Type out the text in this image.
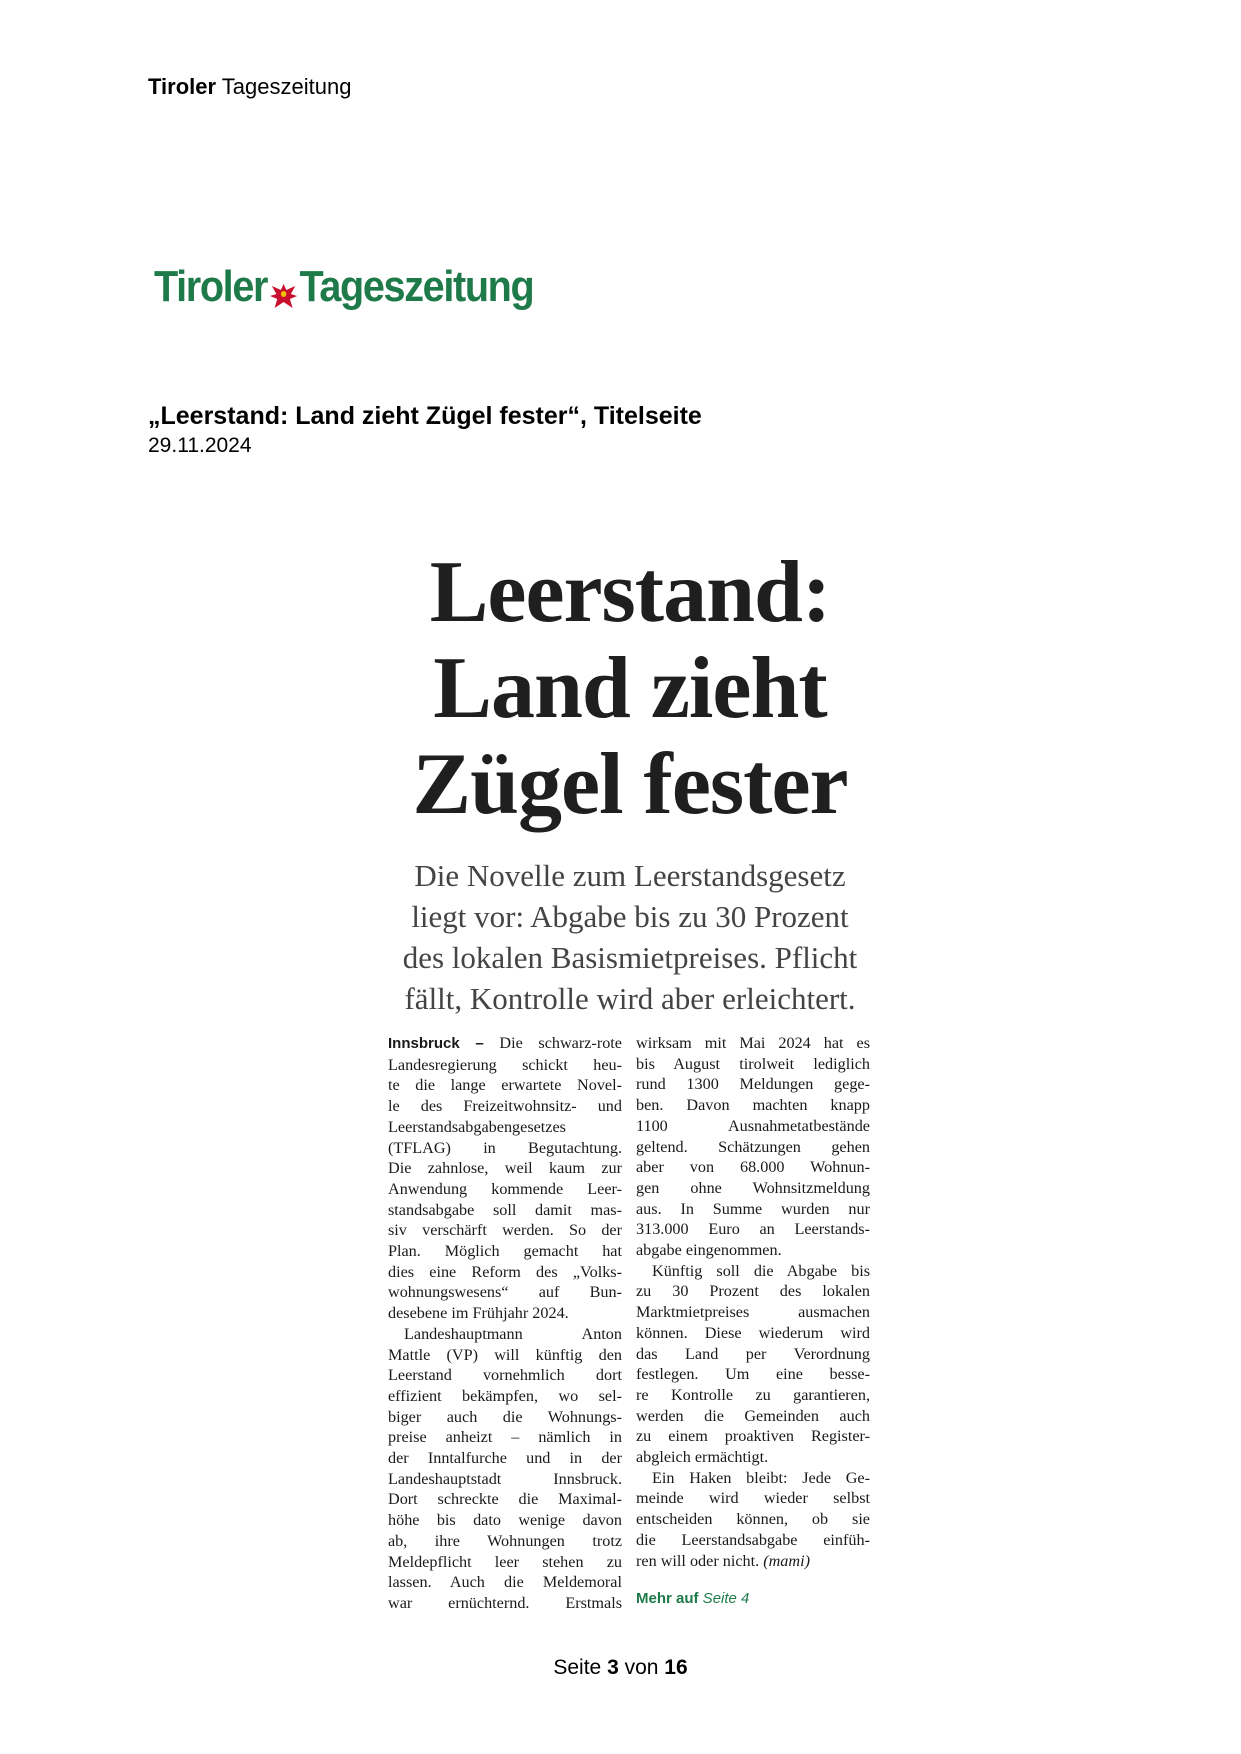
Tiroler Tageszeitung
Tiroler Tageszeitung
„Leerstand: Land zieht Zügel fester“, Titelseite
29.11.2024
Leerstand:
Land zieht
Zügel fester
Die Novelle zum Leerstandsgesetz
liegt vor: Abgabe bis zu 30 Prozent
des lokalen Basismietpreises. Pflicht
fällt, Kontrolle wird aber erleichtert.
Innsbruck – Die schwarz-rote
Landesregierung schickt heu-
te die lange erwartete Novel-
le des Freizeitwohnsitz- und
Leerstandsabgabengesetzes
(TFLAG) in Begutachtung.
Die zahnlose, weil kaum zur
Anwendung kommende Leer-
standsabgabe soll damit mas-
siv verschärft werden. So der
Plan. Möglich gemacht hat
dies eine Reform des „Volks-
wohnungswesens“ auf Bun-
desebene im Frühjahr 2024.
Landeshauptmann Anton
Mattle (VP) will künftig den
Leerstand vornehmlich dort
effizient bekämpfen, wo sel-
biger auch die Wohnungs-
preise anheizt – nämlich in
der Inntalfurche und in der
Landeshauptstadt Innsbruck.
Dort schreckte die Maximal-
höhe bis dato wenige davon
ab, ihre Wohnungen trotz
Meldepflicht leer stehen zu
lassen. Auch die Meldemoral
war ernüchternd. Erstmals
wirksam mit Mai 2024 hat es
bis August tirolweit lediglich
rund 1300 Meldungen gege-
ben. Davon machten knapp
1100 Ausnahmetatbestände
geltend. Schätzungen gehen
aber von 68.000 Wohnun-
gen ohne Wohnsitzmeldung
aus. In Summe wurden nur
313.000 Euro an Leerstands-
abgabe eingenommen.
Künftig soll die Abgabe bis
zu 30 Prozent des lokalen
Marktmietpreises ausmachen
können. Diese wiederum wird
das Land per Verordnung
festlegen. Um eine besse-
re Kontrolle zu garantieren,
werden die Gemeinden auch
zu einem proaktiven Register-
abgleich ermächtigt.
Ein Haken bleibt: Jede Ge-
meinde wird wieder selbst
entscheiden können, ob sie
die Leerstandsabgabe einfüh-
ren will oder nicht. (mami)
Mehr auf Seite 4
Seite 3 von 16
